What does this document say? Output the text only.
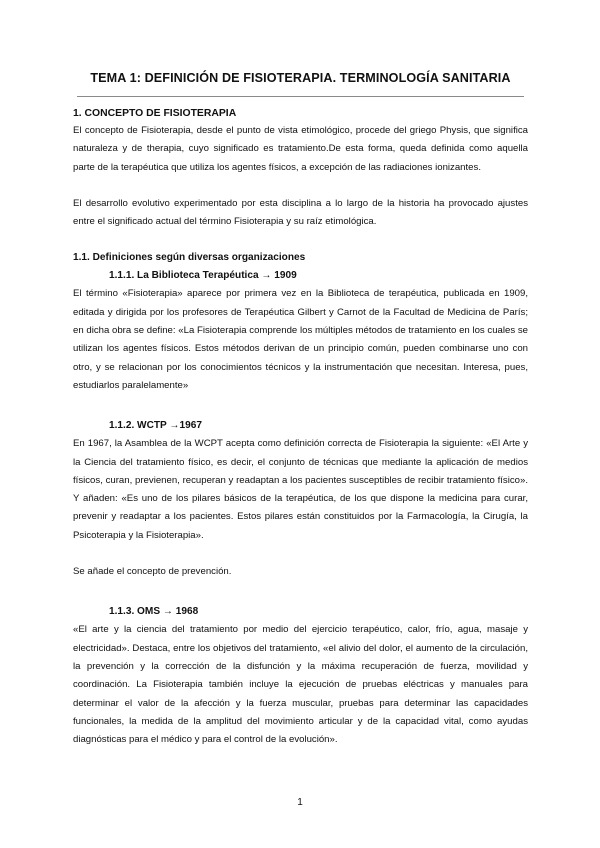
TEMA 1: DEFINICIÓN DE FISIOTERAPIA. TERMINOLOGÍA SANITARIA
1. CONCEPTO DE FISIOTERAPIA

El concepto de Fisioterapia, desde el punto de vista etimológico, procede del griego Physis, que significa naturaleza y de therapia, cuyo significado es tratamiento.De esta forma, queda definida como aquella parte de la terapéutica que utiliza los agentes físicos, a excepción de las radiaciones ionizantes.

El desarrollo evolutivo experimentado por esta disciplina a lo largo de la historia ha provocado ajustes entre el significado actual del término Fisioterapia y su raíz etimológica.

1.1. Definiciones según diversas organizaciones
1.1.1. La Biblioteca Terapéutica → 1909

El término «Fisioterapia» aparece por primera vez en la Biblioteca de terapéutica, publicada en 1909, editada y dirigida por los profesores de Terapéutica Gilbert y Carnot de la Facultad de Medicina de París; en dicha obra se define: «La Fisioterapia comprende los múltiples métodos de tratamiento en los cuales se utilizan los agentes físicos. Estos métodos derivan de un principio común, pueden combinarse uno con otro, y se relacionan por los conocimientos técnicos y la instrumentación que necesitan. Interesa, pues, estudiarlos paralelamente»

1.1.2. WCTP →1967

En 1967, la Asamblea de la WCPT acepta como definición correcta de Fisioterapia la siguiente: «El Arte y la Ciencia del tratamiento físico, es decir, el conjunto de técnicas que mediante la aplicación de medios físicos, curan, previenen, recuperan y readaptan a los pacientes susceptibles de recibir tratamiento físico». Y añaden: «Es uno de los pilares básicos de la terapéutica, de los que dispone la medicina para curar, prevenir y readaptar a los pacientes. Estos pilares están constituidos por la Farmacología, la Cirugía, la Psicoterapia y la Fisioterapia».

Se añade el concepto de prevención.

1.1.3. OMS → 1968

«El arte y la ciencia del tratamiento por medio del ejercicio terapéutico, calor, frío, agua, masaje y electricidad». Destaca, entre los objetivos del tratamiento, «el alivio del dolor, el aumento de la circulación, la prevención y la corrección de la disfunción y la máxima recuperación de fuerza, movilidad y coordinación. La Fisioterapia también incluye la ejecución de pruebas eléctricas y manuales para determinar el valor de la afección y la fuerza muscular, pruebas para determinar las capacidades funcionales, la medida de la amplitud del movimiento articular y de la capacidad vital, como ayudas diagnósticas para el médico y para el control de la evolución».

1
